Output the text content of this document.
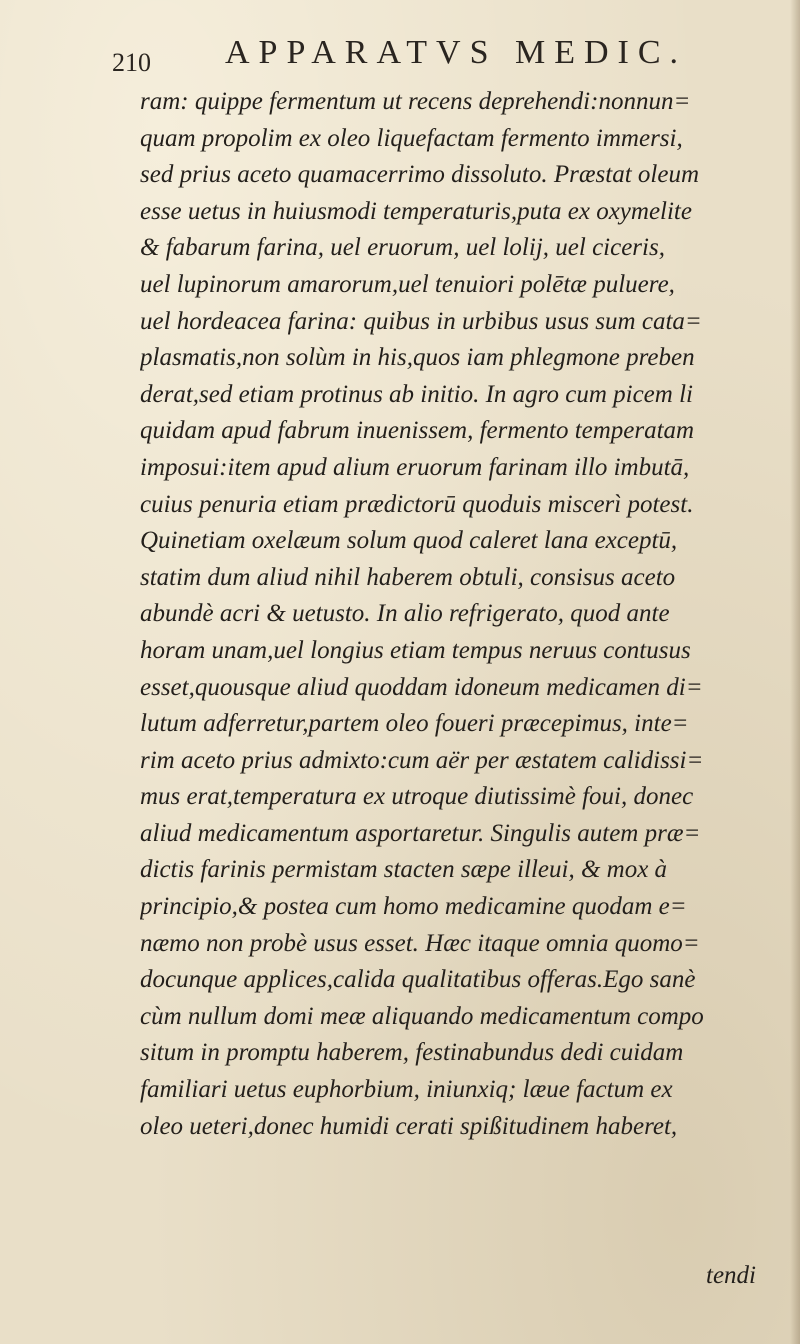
210 APPARATVS MEDIC.
ram: quippe fermentum ut recens deprehendi:nonnun=
quam propolim ex oleo liquefactam fermento immersi,
sed prius aceto quamacerrimo dissoluto. Præstat oleum
esse uetus in huiusmodi temperaturis,puta ex oxymelite
& fabarum farina, uel eruorum, uel lolij, uel ciceris,
uel lupinorum amarorum,uel tenuiori polētæ puluere,
uel hordeacea farina: quibus in urbibus usus sum cata=
plasmatis,non solùm in his,quos iam phlegmone preben
derat,sed etiam protinus ab initio. In agro cum picem li
quidam apud fabrum inuenissem, fermento temperatam
imposui:item apud alium eruorum farinam illo imbutā,
cuius penuria etiam prædictorū quoduis miscerì potest.
Quinetiam oxelæum solum quod caleret lana exceptū,
statim dum aliud nihil haberem obtuli, consisus aceto
abundè acri & uetusto. In alio refrigerato, quod ante
horam unam,uel longius etiam tempus neruus contusus
esset,quousque aliud quoddam idoneum medicamen di=
lutum adferretur,partem oleo foueri præcepimus, inte=
rim aceto prius admixto:cum aër per æstatem calidissi=
mus erat,temperatura ex utroque diutissimè foui, donec
aliud medicamentum asportaretur. Singulis autem præ=
dictis farinis permistam stacten sæpe illeui, & mox à
principio,& postea cum homo medicamine quodam e=
næmo non probè usus esset. Hæc itaque omnia quomo=
docunque applices,calida qualitatibus offeras.Ego sanè
cùm nullum domi meæ aliquando medicamentum compo
situm in promptu haberem, festinabundus dedi cuidam
familiari uetus euphorbium, iniunxiq; læue factum ex
oleo ueteri,donec humidi cerati spißitudinem haberet,
tendi
